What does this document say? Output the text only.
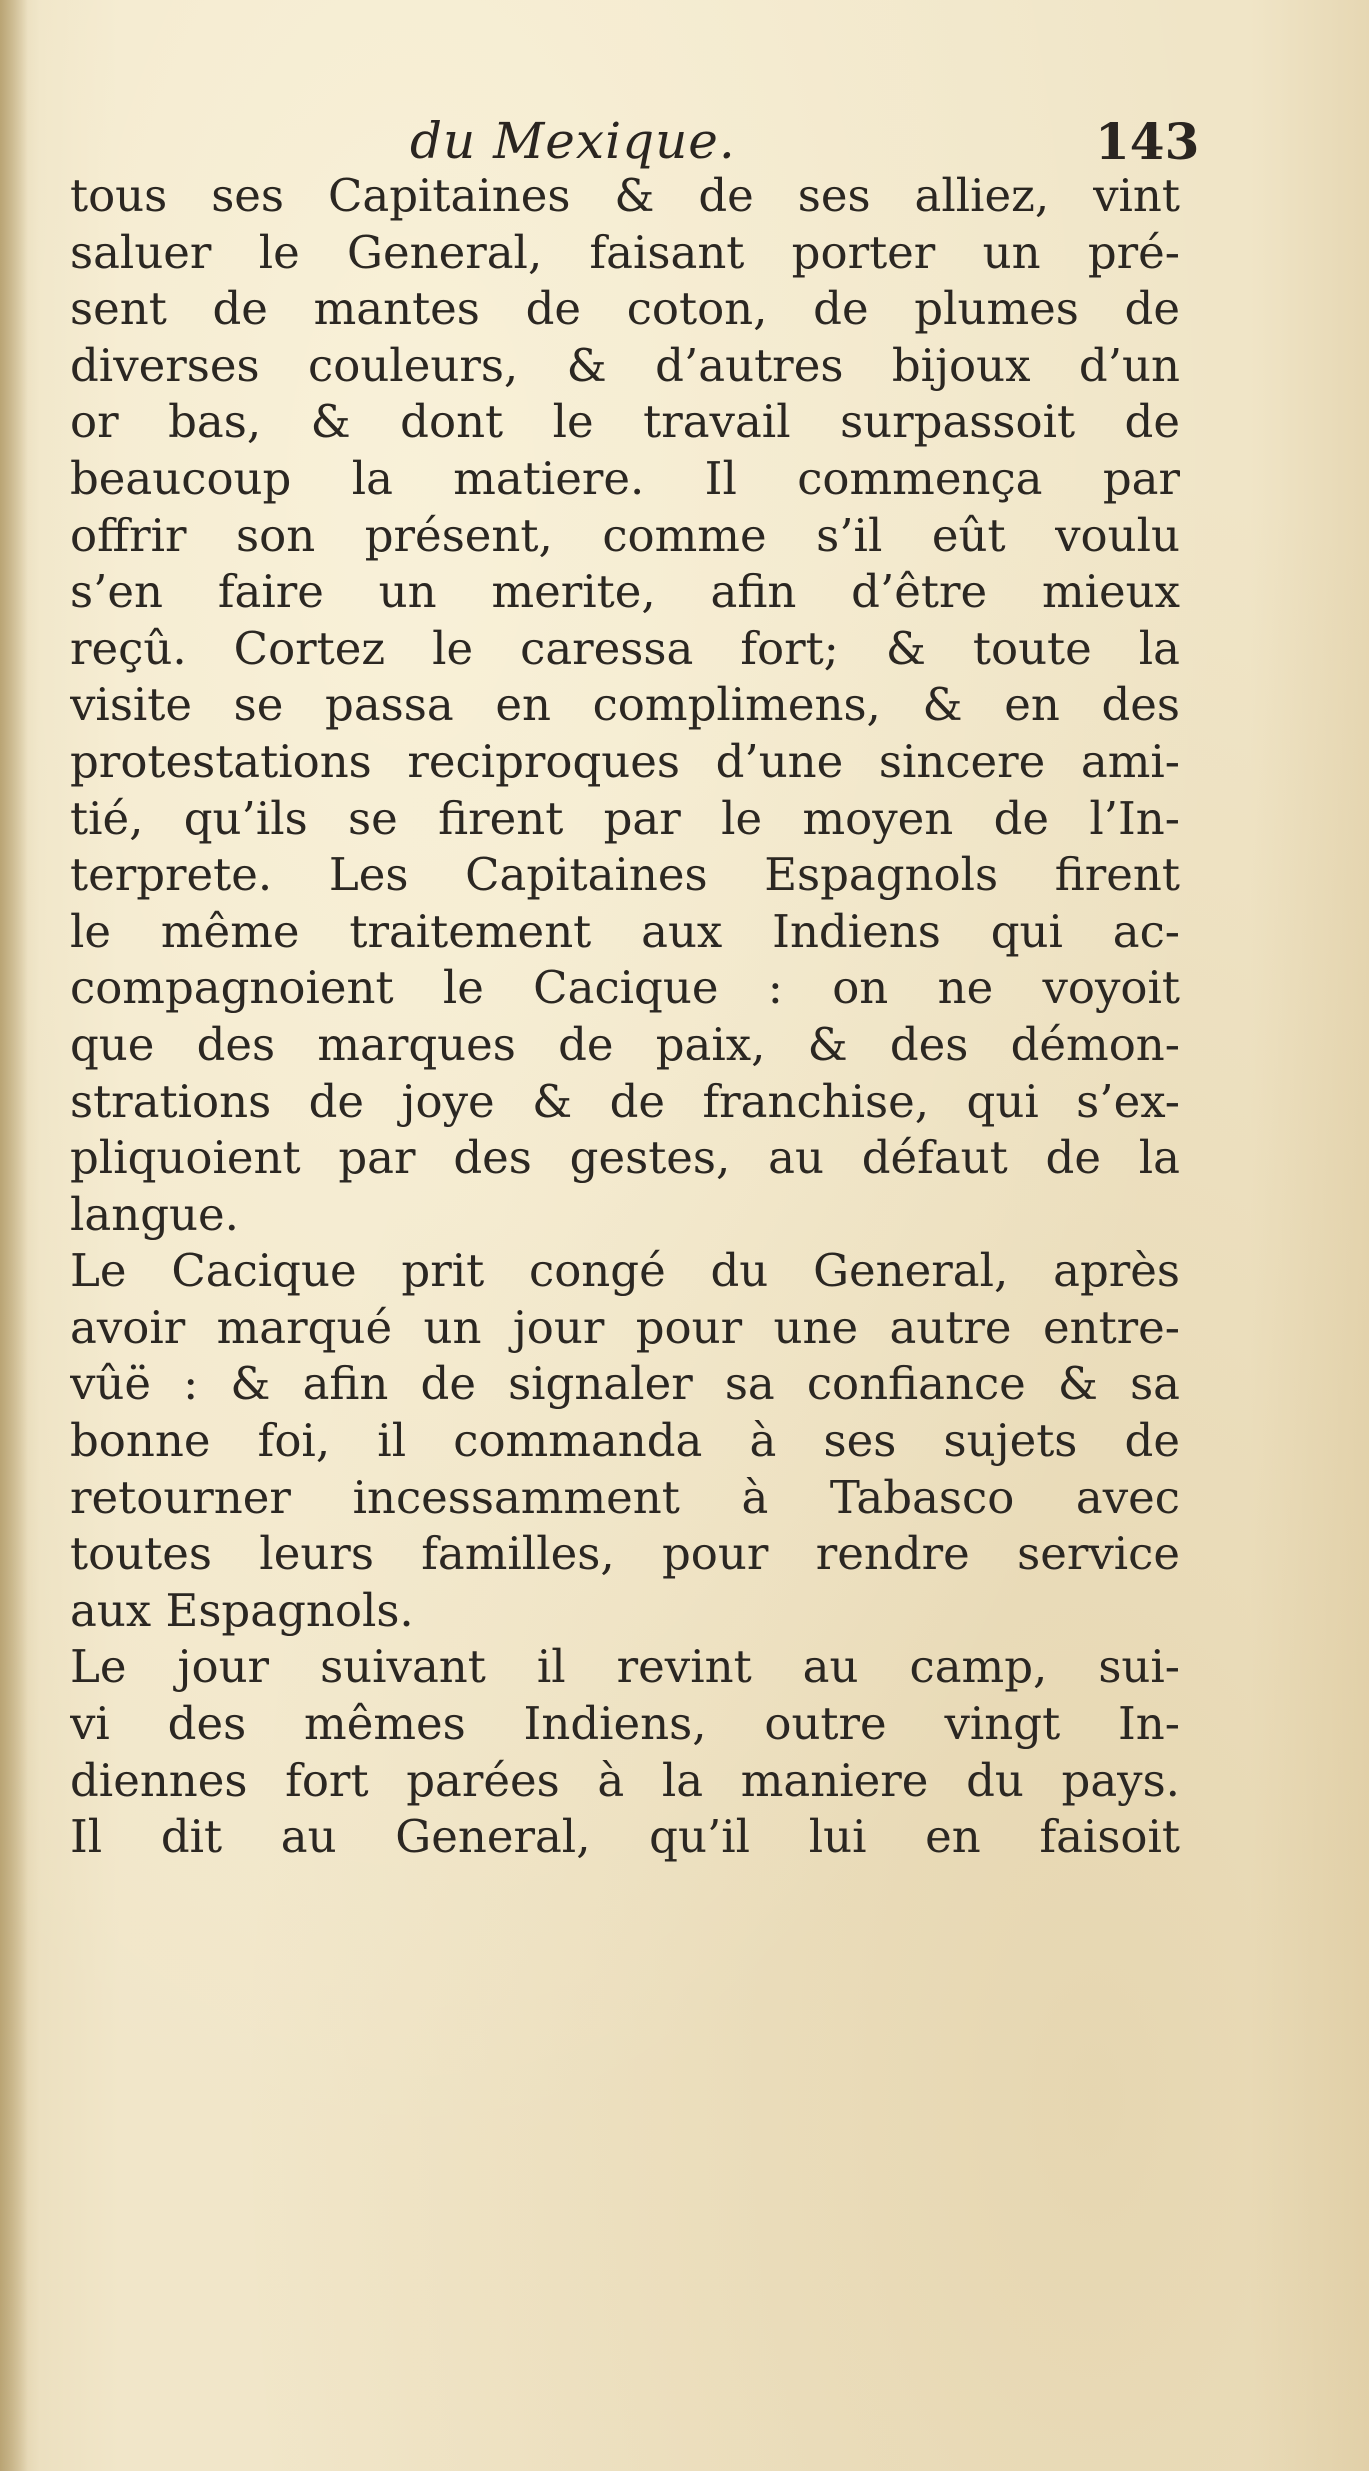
du Mexique.	143
tous ses Capitaines & de ses alliez, vint
saluer le General, faisant porter un pré-
sent de mantes de coton, de plumes de
diverses couleurs, & d’autres bijoux d’un
or bas, & dont le travail surpassoit de
beaucoup la matiere. Il commença par
offrir son présent, comme s’il eût voulu
s’en faire un merite, afin d’être mieux
reçû. Cortez le caressa fort; & toute la
visite se passa en complimens, & en des
protestations reciproques d’une sincere ami-
tié, qu’ils se firent par le moyen de l’In-
terprete. Les Capitaines Espagnols firent
le même traitement aux Indiens qui ac-
compagnoient le Cacique : on ne voyoit
que des marques de paix, & des démon-
strations de joye & de franchise, qui s’ex-
pliquoient par des gestes, au défaut de la
langue.
Le Cacique prit congé du General, après
avoir marqué un jour pour une autre entre-
vûë : & afin de signaler sa confiance & sa
bonne foi, il commanda à ses sujets de
retourner incessamment à Tabasco avec
toutes leurs familles, pour rendre service
aux Espagnols.
Le jour suivant il revint au camp, sui-
vi des mêmes Indiens, outre vingt In-
diennes fort parées à la maniere du pays.
Il dit au General, qu’il lui en faisoit
